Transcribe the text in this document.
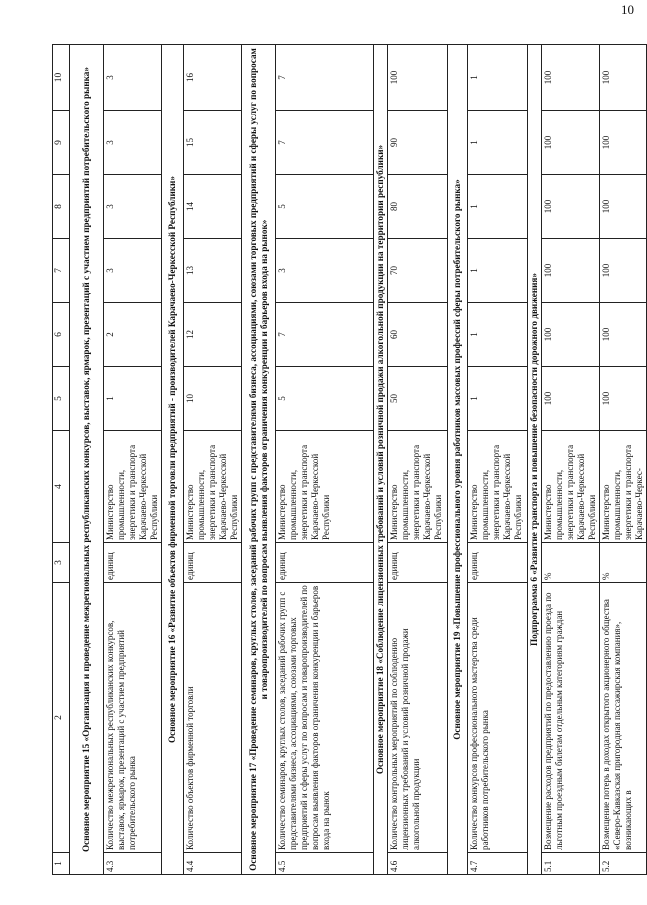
10
1	2	3	4	5	6	7	8	9	10
Основное мероприятие 15 «Организация и проведение межрегиональных республиканских конкурсов, выставок, ярмарок, презентаций с участием предприятий потребительского рынка»									
4.3	Количество межрегиональных республиканских конкурсов, выставок, ярмарок, презентаций с участием предприятий потребительского рынка	единиц	Министерство промышленности, энергетики и транспорта Карачаево-Черкесской Республики	1	2	3	3	3	3
Основное мероприятие 16 «Развитие объектов фирменной торговли предприятий - производителей Карачаево-Черкесской Республики»									
4.4	Количество объектов фирменной торговли	единиц	Министерство промышленности, энергетики и транспорта Карачаево-Черкесской Республики	10	12	13	14	15	16
Основное мероприятие 17 «Проведение семинаров, круглых столов, заседаний рабочих групп с представителями бизнеса, ассоциациями, союзами торговых предприятий и сферы услуг по вопросам и товаропроизводителей по вопросам выявления факторов ограничения конкуренции и барьеров входа на рынок»									
4.5	Количество семинаров, круглых столов, заседаний рабочих групп с представителями бизнеса, ассоциациями, союзами торговых предприятий и сферы услуг по вопросам и товаропроизводителей по вопросам выявления факторов ограничения конкуренции и барьеров входа на рынок	единиц	Министерство промышленности, энергетики и транспорта Карачаево-Черкесской Республики	5	7	3	5	7	7
Основное мероприятие 18 «Соблюдение лицензионных требований и условий розничной продажи алкогольной продукции на территории республики»									
4.6	Количество контрольных мероприятий по соблюдению лицензионных требований и условий розничной продажи алкогольной продукции	единиц	Министерство промышленности, энергетики и транспорта Карачаево-Черкесской Республики	50	60	70	80	90	100
Основное мероприятие 19 «Повышение профессионального уровня работников массовых профессий сферы потребительского рынка»									
4.7	Количество конкурсов профессионального мастерства среди работников потребительского рынка	единиц	Министерство промышленности, энергетики и транспорта Карачаево-Черкесской Республики	1	1	1	1	1	1
Подпрограмма 6 «Развитие транспорта и повышение безопасности дорожного движения»									
5.1	Возмещение расходов предприятий по предоставлению проезда по льготным проездным билетам отдельным категориям граждан	%	Министерство промышленности, энергетики и транспорта Карачаево-Черкесской Республики	100	100	100	100	100	100
5.2	Возмещение потерь в доходах открытого акционерного общества «Северо-Кавказская пригородная пассажирская компания», возникающих в	%	Министерство промышленности, энергетики и транспорта Карачаево-Черкес-	100	100	100	100	100	100
